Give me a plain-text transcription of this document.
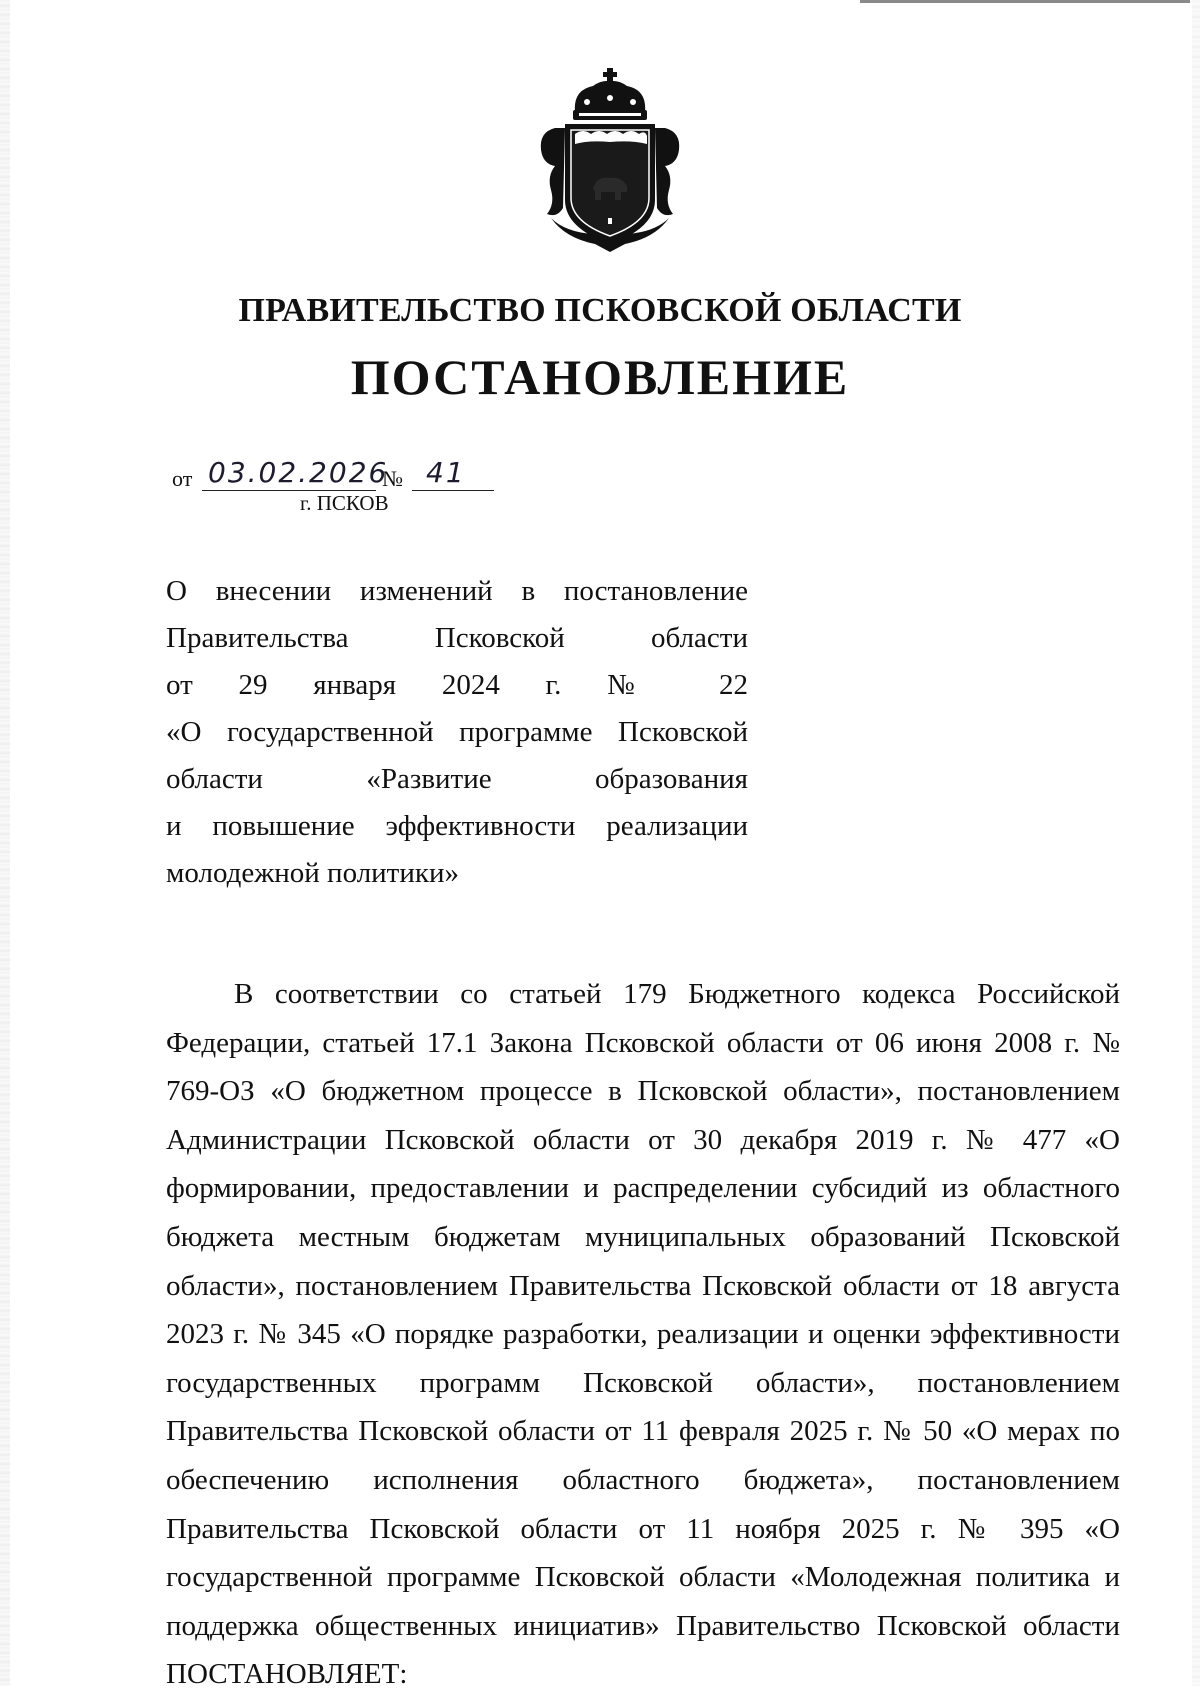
ПРАВИТЕЛЬСТВО ПСКОВСКОЙ ОБЛАСТИ
ПОСТАНОВЛЕНИЕ
от 03.02.2026
№ 41
г. ПСКОВ
О внесении изменений в постановление
Правительства Псковской области
от 29 января 2024 г. № 22
«О государственной программе Псковской
области «Развитие образования
и повышение эффективности реализации
молодежной политики»
В соответствии со статьей 179 Бюджетного кодекса Российской Федерации, статьей 17.1 Закона Псковской области от 06 июня 2008 г. № 769-ОЗ «О бюджетном процессе в Псковской области», постановлением Администрации Псковской области от 30 декабря 2019 г. № 477 «О формировании, предоставлении и распределении субсидий из областного бюджета местным бюджетам муниципальных образований Псковской области», постановлением Правительства Псковской области от 18 августа 2023 г. № 345 «О порядке разработки, реализации и оценки эффективности государственных программ Псковской области», постановлением Правительства Псковской области от 11 февраля 2025 г. № 50 «О мерах по обеспечению исполнения областного бюджета», постановлением Правительства Псковской области от 11 ноября 2025 г. № 395 «О государственной программе Псковской области «Молодежная политика и поддержка общественных инициатив» Правительство Псковской области ПОСТАНОВЛЯЕТ:
